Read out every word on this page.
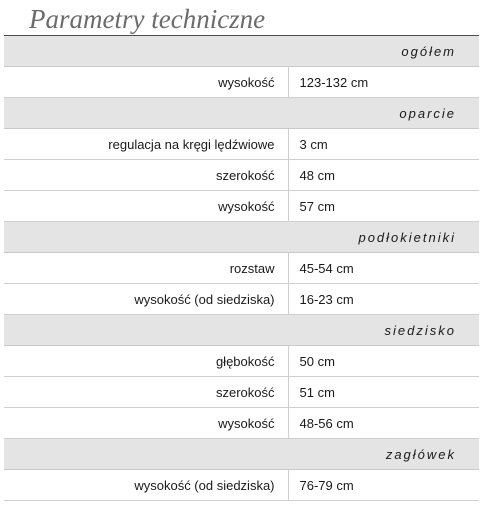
Parametry techniczne
ogółem	
wysokość	123-132 cm
oparcie	
regulacja na kręgi lędźwiowe	3 cm
szerokość	48 cm
wysokość	57 cm
podłokietniki	
rozstaw	45-54 cm
wysokość (od siedziska)	16-23 cm
siedzisko	
głębokość	50 cm
szerokość	51 cm
wysokość	48-56 cm
zagłówek	
wysokość (od siedziska)	76-79 cm
